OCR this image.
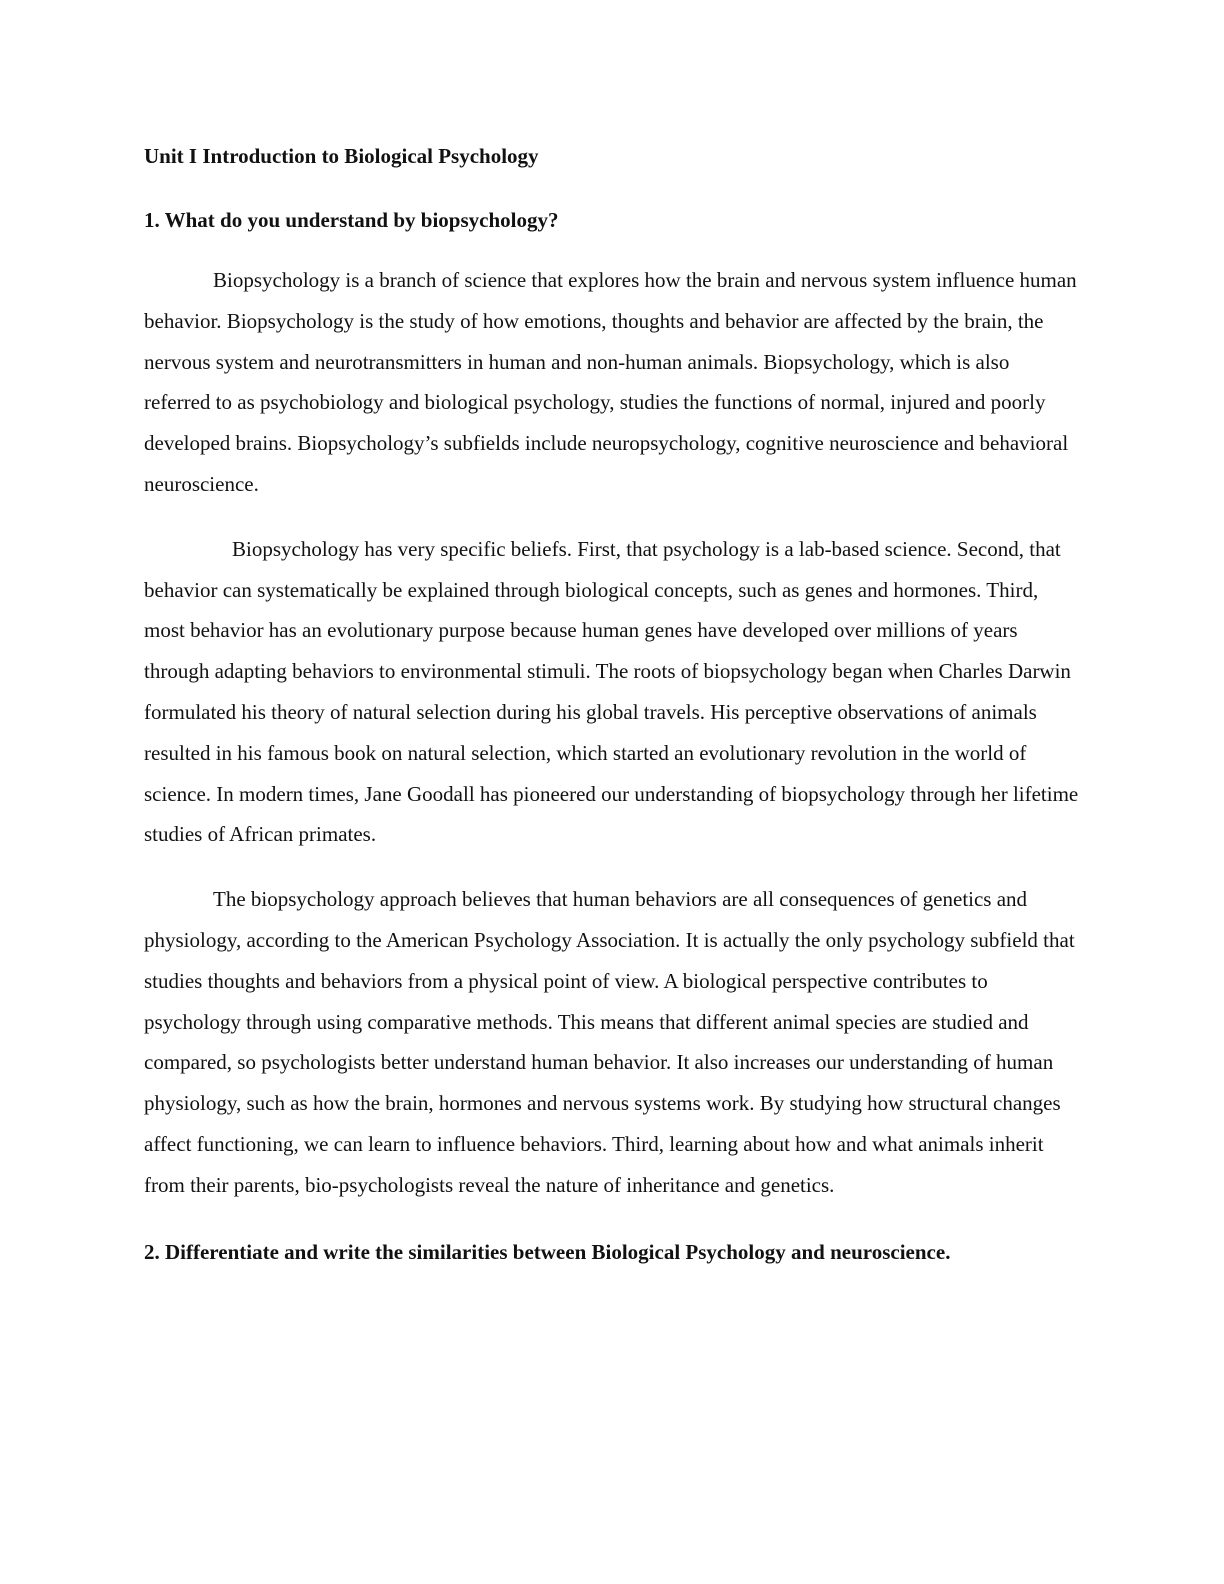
Unit I Introduction to Biological Psychology
1. What do you understand by biopsychology?

Biopsychology is a branch of science that explores how the brain and nervous system influence human behavior. Biopsychology is the study of how emotions, thoughts and behavior are affected by the brain, the nervous system and neurotransmitters in human and non-human animals. Biopsychology, which is also referred to as psychobiology and biological psychology, studies the functions of normal, injured and poorly developed brains. Biopsychology’s subfields include neuropsychology, cognitive neuroscience and behavioral neuroscience.

Biopsychology has very specific beliefs. First, that psychology is a lab-based science. Second, that behavior can systematically be explained through biological concepts, such as genes and hormones. Third, most behavior has an evolutionary purpose because human genes have developed over millions of years through adapting behaviors to environmental stimuli. The roots of biopsychology began when Charles Darwin formulated his theory of natural selection during his global travels. His perceptive observations of animals resulted in his famous book on natural selection, which started an evolutionary revolution in the world of science. In modern times, Jane Goodall has pioneered our understanding of biopsychology through her lifetime studies of African primates.

The biopsychology approach believes that human behaviors are all consequences of genetics and physiology, according to the American Psychology Association. It is actually the only psychology subfield that studies thoughts and behaviors from a physical point of view. A biological perspective contributes to psychology through using comparative methods. This means that different animal species are studied and compared, so psychologists better understand human behavior. It also increases our understanding of human physiology, such as how the brain, hormones and nervous systems work. By studying how structural changes affect functioning, we can learn to influence behaviors. Third, learning about how and what animals inherit from their parents, bio-psychologists reveal the nature of inheritance and genetics.

2. Differentiate and write the similarities between Biological Psychology and neuroscience.
